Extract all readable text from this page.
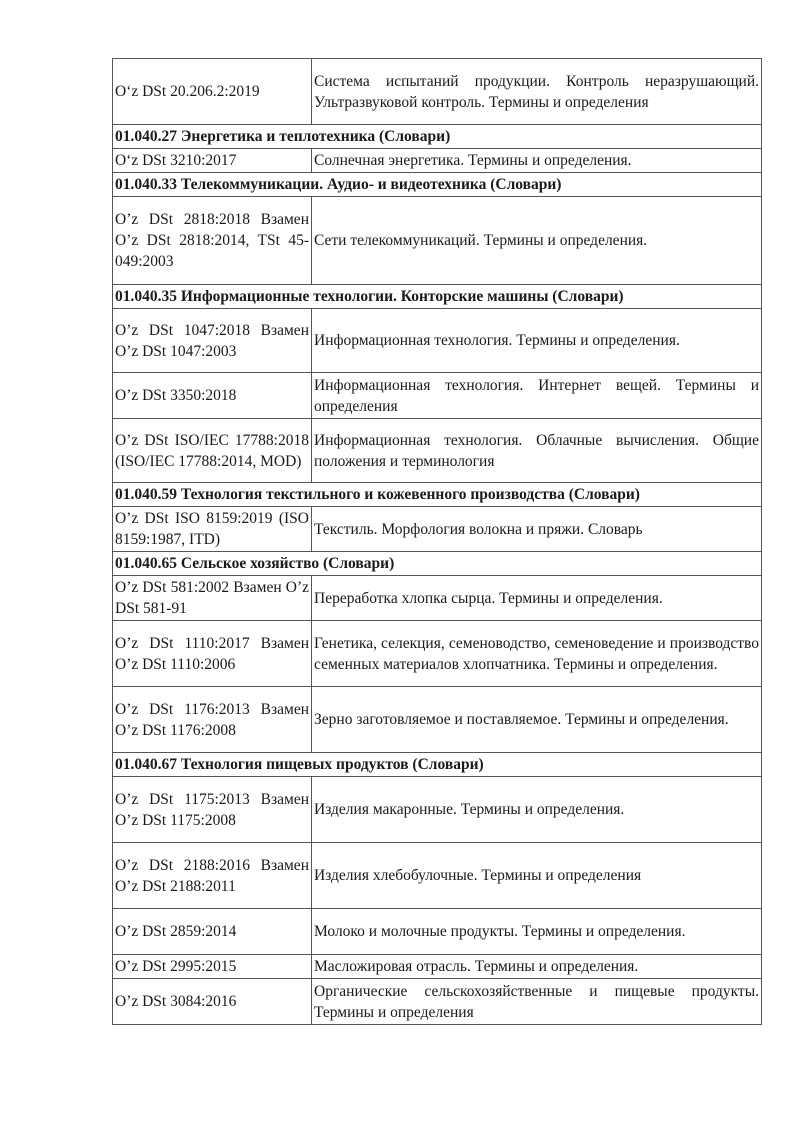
O‘z DSt 20.206.2:2019	Система испытаний продукции. Контроль неразрушающий. Ультразвуковой контроль. Термины и определения
01.040.27 Энергетика и теплотехника (Словари)	
O‘z DSt 3210:2017	Солнечная энергетика. Термины и определения.
01.040.33 Телекоммуникации. Аудио- и видеотехника (Словари)	
O’z DSt 2818:2018 Взамен O’z DSt 2818:2014, TSt 45-049:2003	Сети телекоммуникаций. Термины и определения.
01.040.35 Информационные технологии. Конторские машины (Словари)	
O’z DSt 1047:2018 Взамен O’z DSt 1047:2003	Информационная технология. Термины и определения.
O’z DSt 3350:2018	Информационная технология. Интернет вещей. Термины и определения
O’z DSt ISO/IEC 17788:2018 (ISO/IEC 17788:2014, MOD)	Информационная технология. Облачные вычисления. Общие положения и терминология
01.040.59 Технология текстильного и кожевенного производства (Словари)	
O’z DSt ISO 8159:2019 (ISO 8159:1987, ITD)	Текстиль. Морфология волокна и пряжи. Словарь
01.040.65 Сельское хозяйство (Словари)	
O’z DSt 581:2002 Взамен O’z DSt 581-91	Переработка хлопка сырца. Термины и определения.
O’z DSt 1110:2017 Взамен O’z DSt 1110:2006	Генетика, селекция, семеноводство, семеноведение и производство семенных материалов хлопчатника. Термины и определения.
O’z DSt 1176:2013 Взамен O’z DSt 1176:2008	Зерно заготовляемое и поставляемое. Термины и определения.
01.040.67 Технология пищевых продуктов (Словари)	
O’z DSt 1175:2013 Взамен O’z DSt 1175:2008	Изделия макаронные. Термины и определения.
O’z DSt 2188:2016 Взамен O’z DSt 2188:2011	Изделия хлебобулочные. Термины и определения
O’z DSt 2859:2014	Молоко и молочные продукты. Термины и определения.
O’z DSt 2995:2015	Масложировая отрасль. Термины и определения.
O’z DSt 3084:2016	Органические сельскохозяйственные и пищевые продукты. Термины и определения
